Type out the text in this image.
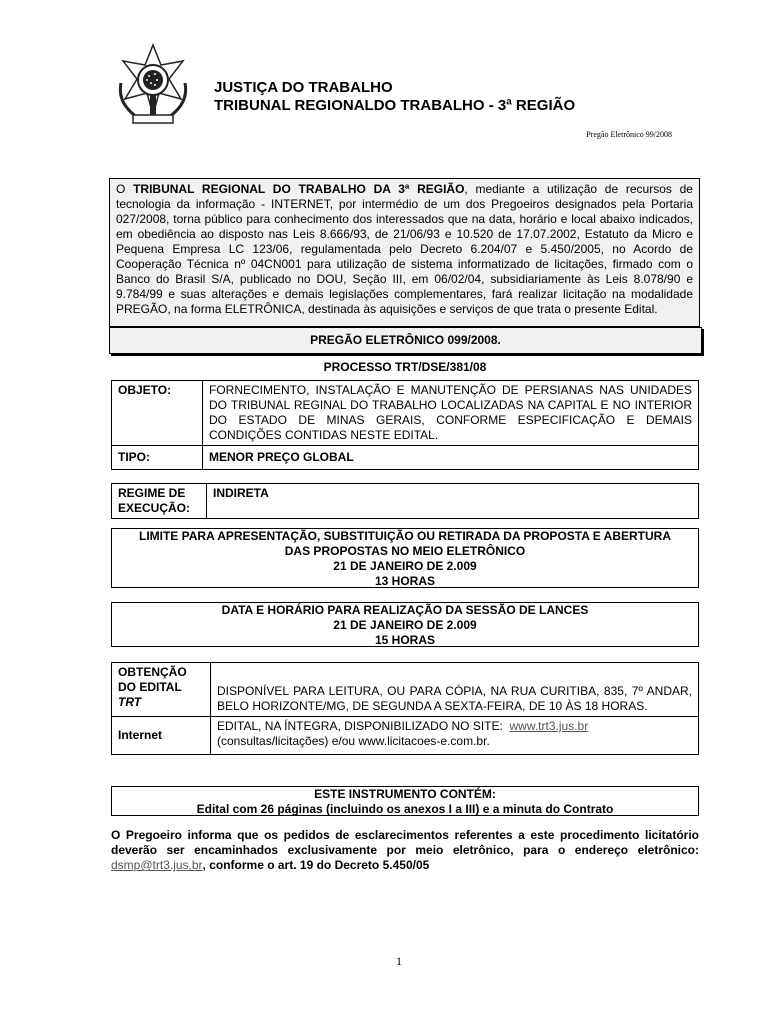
JUSTIÇA DO TRABALHO
TRIBUNAL REGIONALDO TRABALHO - 3ª REGIÃO
Pregão Eletrônico 99/2008
O TRIBUNAL REGIONAL DO TRABALHO DA 3ª REGIÃO, mediante a utilização de recursos de tecnologia da informação - INTERNET, por intermédio de um dos Pregoeiros designados pela Portaria 027/2008, torna público para conhecimento dos interessados que na data, horário e local abaixo indicados, em obediência ao disposto nas Leis 8.666/93, de 21/06/93 e 10.520 de 17.07.2002, Estatuto da Micro e Pequena Empresa LC 123/06, regulamentada pelo Decreto 6.204/07 e 5.450/2005, no Acordo de Cooperação Técnica nº 04CN001 para utilização de sistema informatizado de licitações, firmado com o Banco do Brasil S/A, publicado no DOU, Seção III, em 06/02/04, subsidiariamente às Leis 8.078/90 e 9.784/99 e suas alterações e demais legislações complementares, fará realizar licitação na modalidade PREGÃO, na forma ELETRÔNICA, destinada às aquisições e serviços de que trata o presente Edital.
PREGÃO ELETRÔNICO 099/2008.
PROCESSO TRT/DSE/381/08
OBJETO:	FORNECIMENTO, INSTALAÇÃO E MANUTENÇÃO DE PERSIANAS NAS UNIDADES DO TRIBUNAL REGINAL DO TRABALHO LOCALIZADAS NA CAPITAL E NO INTERIOR DO ESTADO DE MINAS GERAIS, CONFORME ESPECIFICAÇÃO E DEMAIS CONDIÇÕES CONTIDAS NESTE EDITAL.
TIPO:	MENOR PREÇO GLOBAL
REGIME DE
EXECUÇÃO:
	INDIRETA
LIMITE PARA APRESENTAÇÃO, SUBSTITUIÇÃO OU RETIRADA DA PROPOSTA E ABERTURA
DAS PROPOSTAS NO MEIO ELETRÔNICO
21 DE JANEIRO DE 2.009
13 HORAS
DATA E HORÁRIO PARA REALIZAÇÃO DA SESSÃO DE LANCES
21 DE JANEIRO DE 2.009
15 HORAS
OBTENÇÃO DO EDITAL
TRT	DISPONÍVEL PARA LEITURA, OU PARA CÓPIA, NA RUA CURITIBA, 835, 7º ANDAR, BELO HORIZONTE/MG, DE SEGUNDA A SEXTA-FEIRA, DE 10 ÀS 18 HORAS.
Internet	EDITAL, NA ÍNTEGRA, DISPONIBILIZADO NO SITE: www.trt3.jus.br
(consultas/licitações) e/ou www.licitacoes-e.com.br.
ESTE INSTRUMENTO CONTÉM:
Edital com 26 páginas (incluindo os anexos I a III) e a minuta do Contrato
O Pregoeiro informa que os pedidos de esclarecimentos referentes a este procedimento licitatório deverão ser encaminhados exclusivamente por meio eletrônico, para o endereço eletrônico: dsmp@trt3.jus.br, conforme o art. 19 do Decreto 5.450/05
1
